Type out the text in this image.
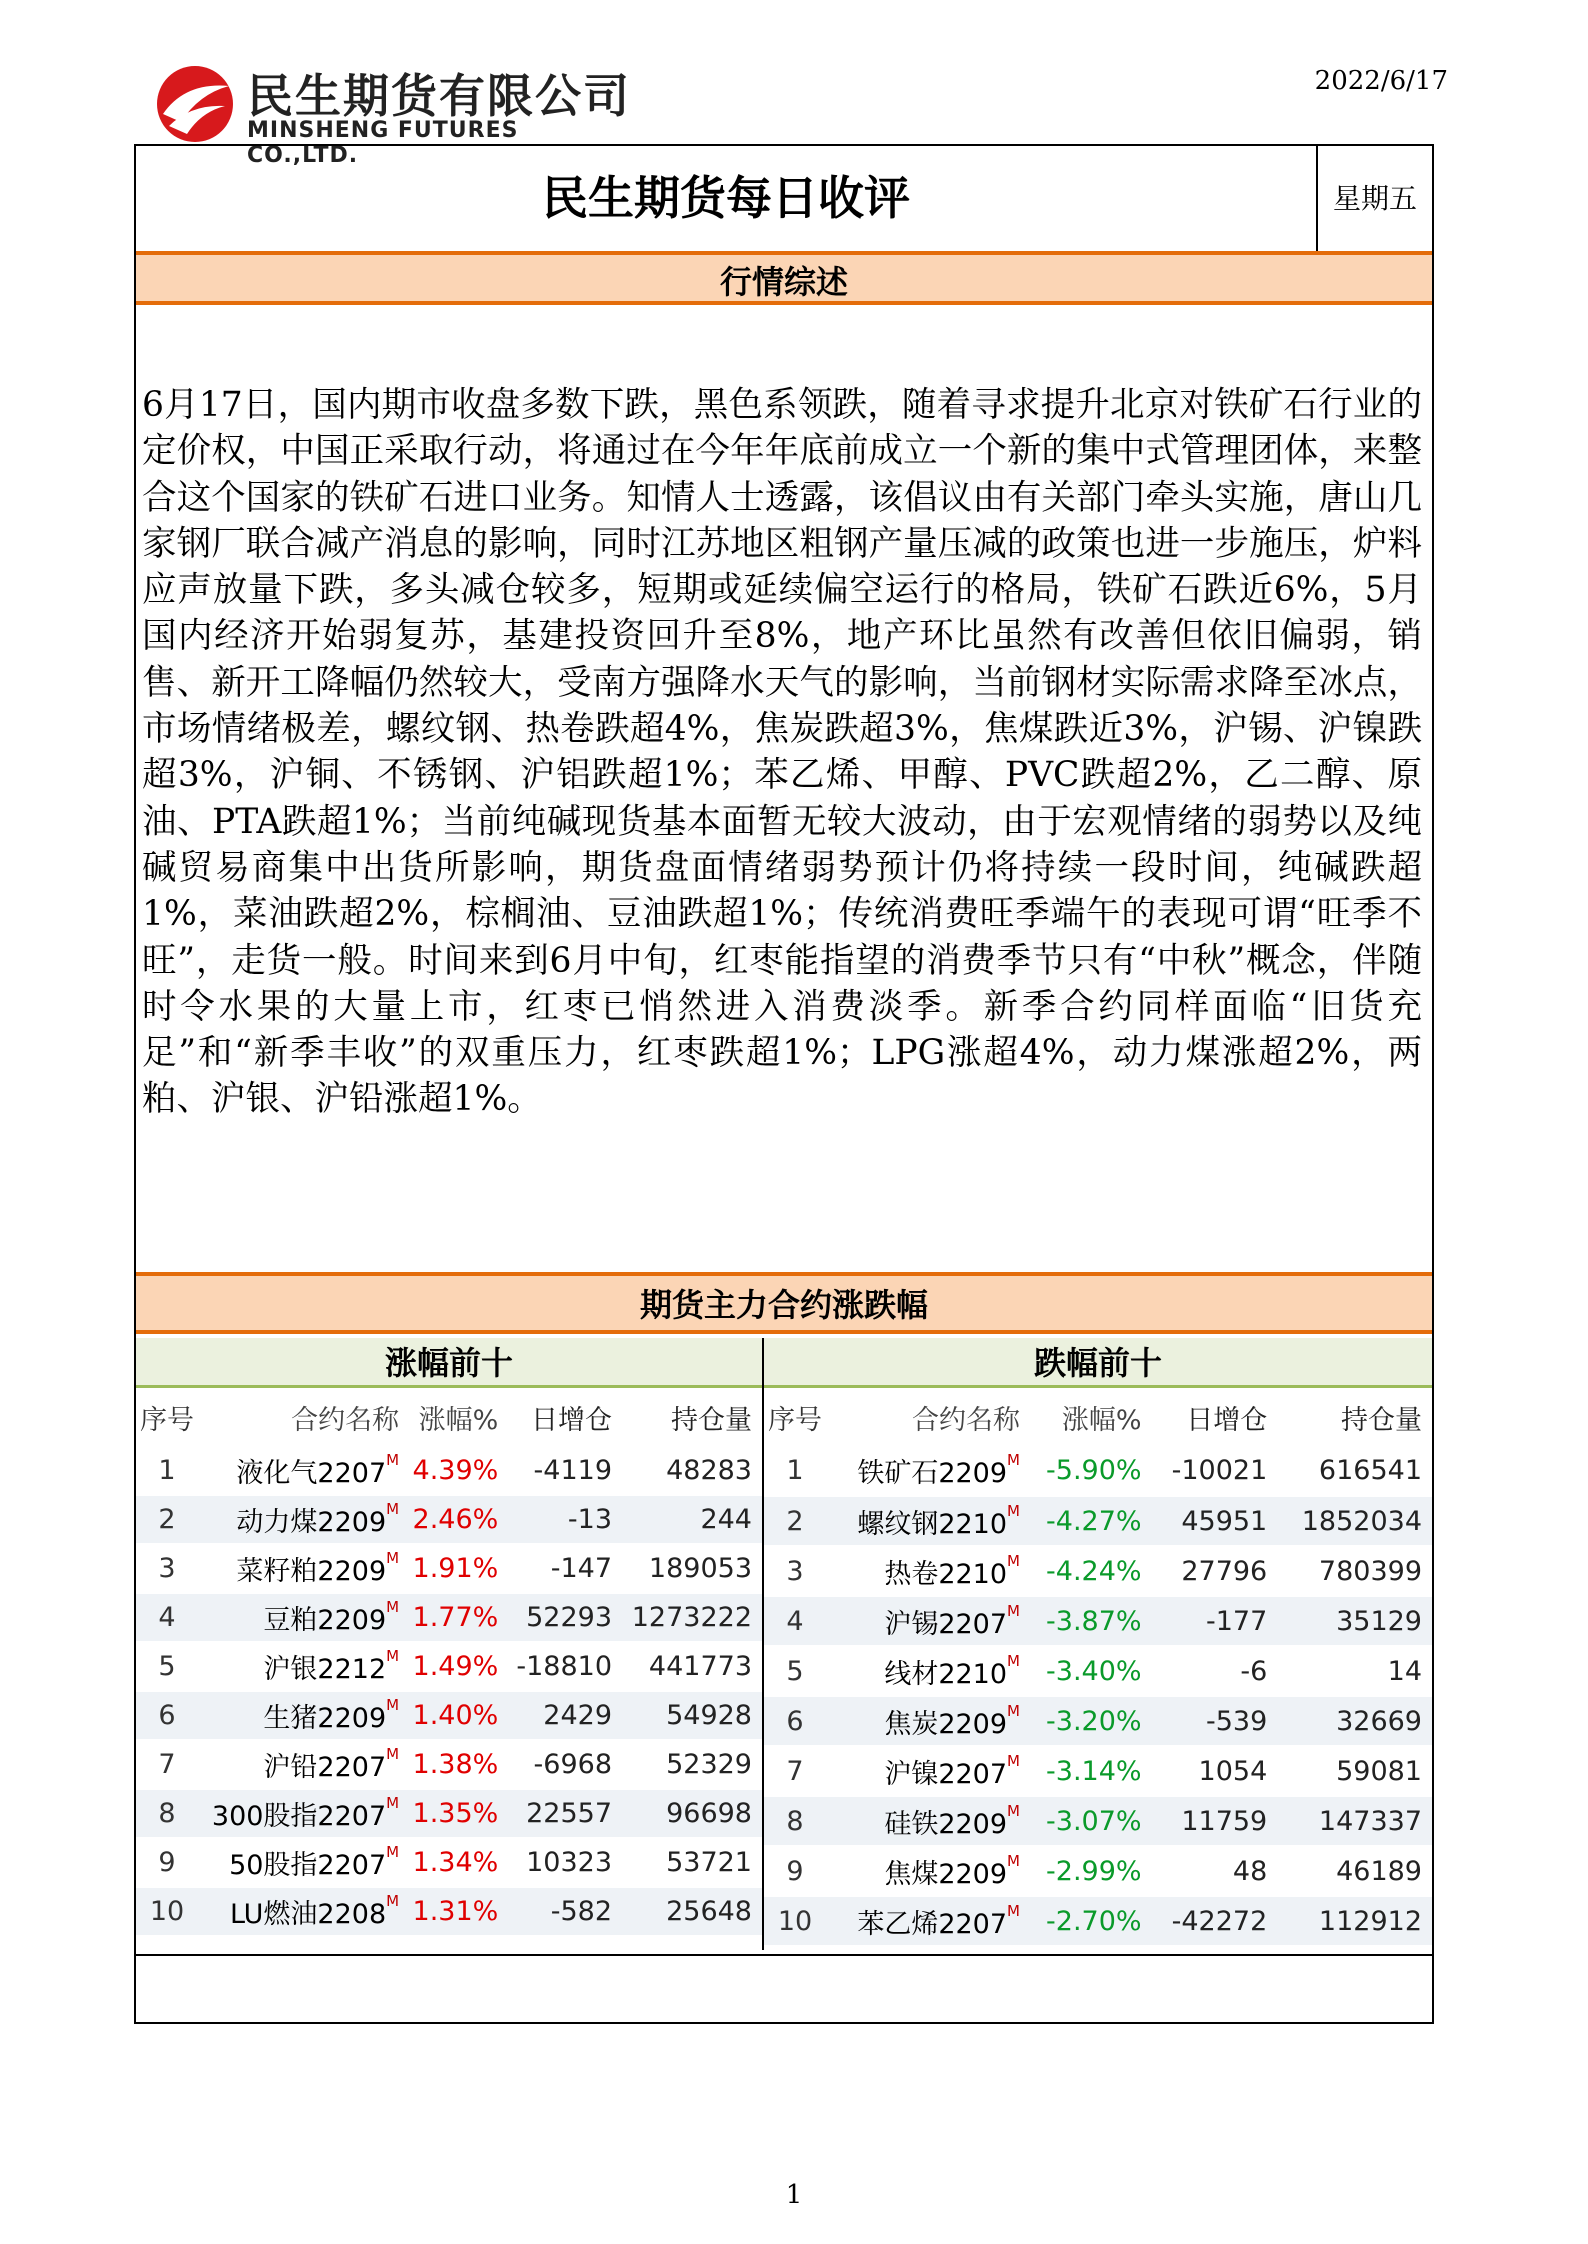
民生期货有限公司
MINSHENG FUTURES CO.,LTD.
2022/6/17
民生期货每日收评	星期五
行情综述
6月17日，国内期市收盘多数下跌，黑色系领跌，随着寻求提升北京对铁矿石行业的定价权，中国正采取行动，将通过在今年年底前成立一个新的集中式管理团体，来整合这个国家的铁矿石进口业务。知情人士透露，该倡议由有关部门牵头实施，唐山几家钢厂联合减产消息的影响，同时江苏地区粗钢产量压减的政策也进一步施压，炉料应声放量下跌，多头减仓较多，短期或延续偏空运行的格局，铁矿石跌近6%，5月国内经济开始弱复苏，基建投资回升至8%，地产环比虽然有改善但依旧偏弱，销售、新开工降幅仍然较大，受南方强降水天气的影响，当前钢材实际需求降至冰点，市场情绪极差，螺纹钢、热卷跌超4%，焦炭跌超3%，焦煤跌近3%，沪锡、沪镍跌超3%，沪铜、不锈钢、沪铝跌超1%；苯乙烯、甲醇、PVC跌超2%，乙二醇、原油、PTA跌超1%；当前纯碱现货基本面暂无较大波动，由于宏观情绪的弱势以及纯碱贸易商集中出货所影响，期货盘面情绪弱势预计仍将持续一段时间，纯碱跌超1%，菜油跌超2%，棕榈油、豆油跌超1%；传统消费旺季端午的表现可谓“旺季不旺”，走货一般。时间来到6月中旬，红枣能指望的消费季节只有“中秋”概念，伴随时令水果的大量上市，红枣已悄然进入消费淡季。新季合约同样面临“旧货充足”和“新季丰收”的双重压力，红枣跌超1%；LPG涨超4%，动力煤涨超2%，两粕、沪银、沪铅涨超1%。
期货主力合约涨跌幅
涨幅前十
序号	合约名称	涨幅%	日增仓	持仓量
1	液化气$2207^M$	4.39%	-4119	48283
2	动力煤$2209^M$	2.46%	-13	244
3	菜籽粕$2209^M$	1.91%	-147	189053
4	豆粕$2209^M$	1.77%	52293	1273222
5	沪银$2212^M$	1.49%	-18810	441773
6	生猪$2209^M$	1.40%	2429	54928
7	沪铅$2207^M$	1.38%	-6968	52329
8	300股指$2207^M$	1.35%	22557	96698
9	50股指$2207^M$	1.34%	10323	53721
10	LU燃油$2208^M$	1.31%	-582	25648
跌幅前十
序号	合约名称	涨幅%	日增仓	持仓量
1	铁矿石$2209^M$	-5.90%	-10021	616541
2	螺纹钢$2210^M$	-4.27%	45951	1852034
3	热卷$2210^M$	-4.24%	27796	780399
4	沪锡$2207^M$	-3.87%	-177	35129
5	线材$2210^M$	-3.40%	-6	14
6	焦炭$2209^M$	-3.20%	-539	32669
7	沪镍$2207^M$	-3.14%	1054	59081
8	硅铁$2209^M$	-3.07%	11759	147337
9	焦煤$2209^M$	-2.99%	48	46189
10	苯乙烯$2207^M$	-2.70%	-42272	112912
1
